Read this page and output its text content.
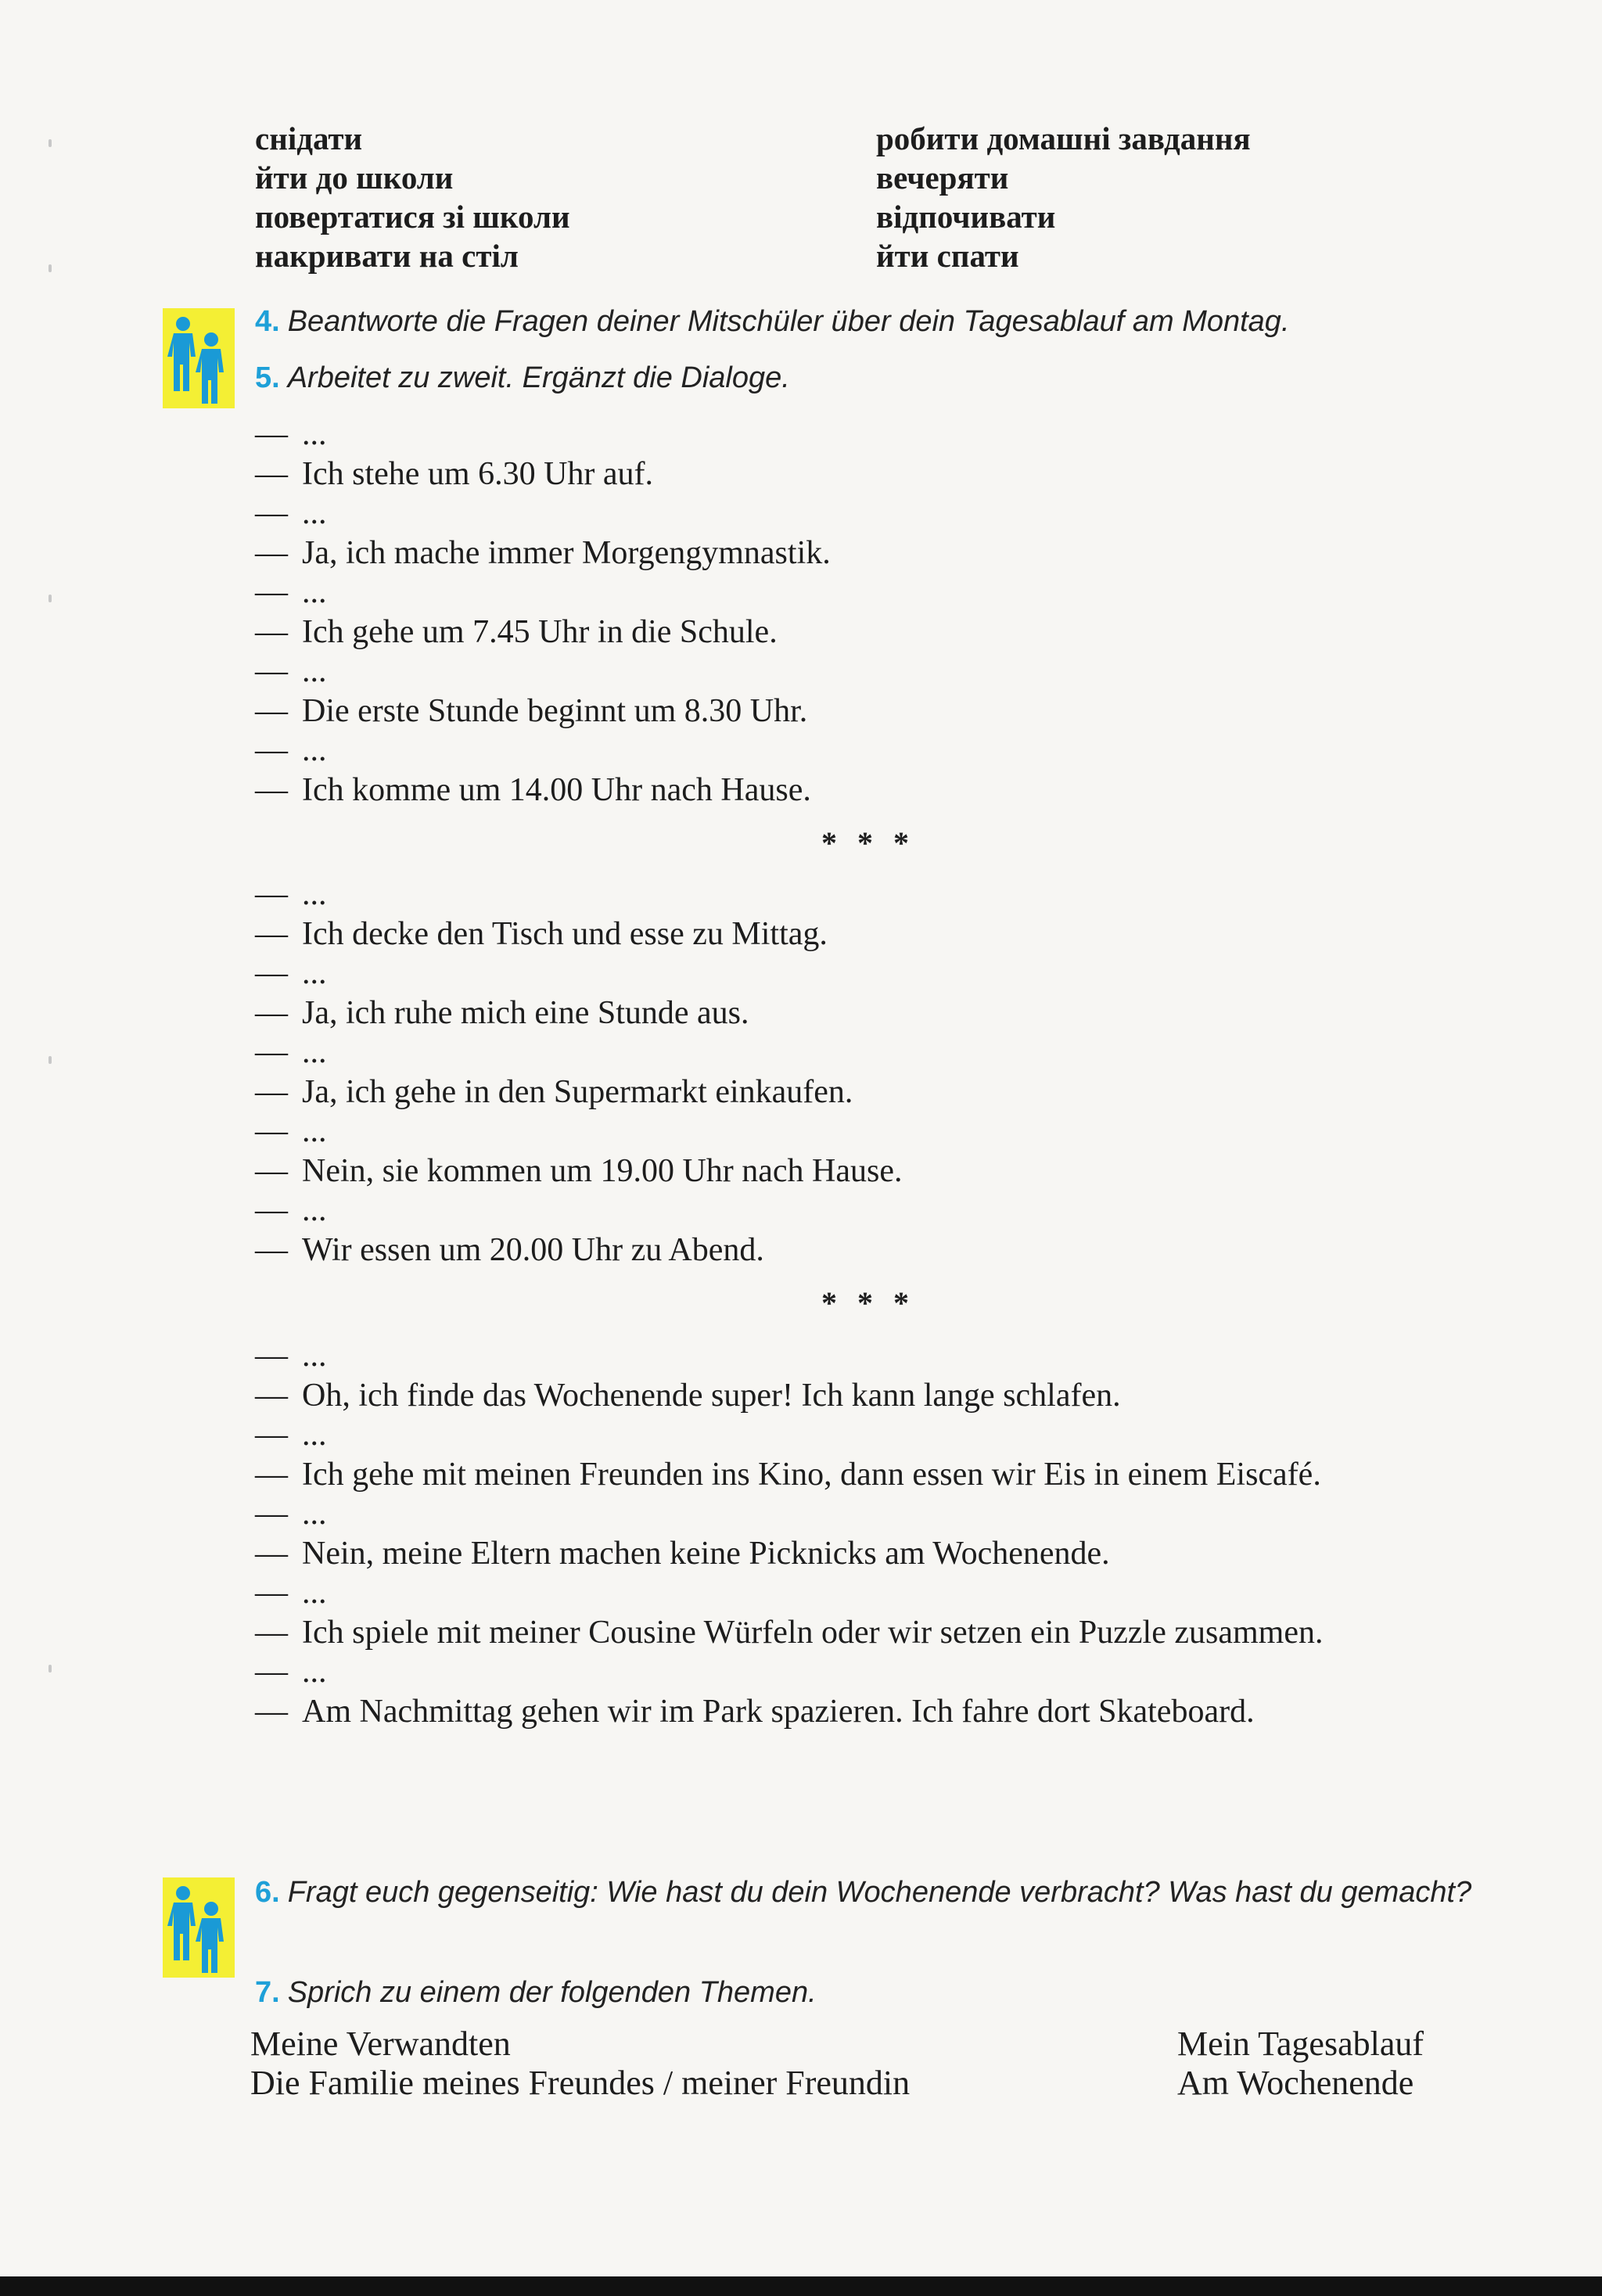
снідати
йти до школи
повертатися зі школи
накривати на стіл
робити домашні завдання
вечеряти
відпочивати
йти спати
4. Beantworte die Fragen deiner Mitschüler über dein Tagesablauf am Montag.
5. Arbeitet zu zweit. Ergänzt die Dialoge.
— ...
— Ich stehe um 6.30 Uhr auf.
— ...
— Ja, ich mache immer Morgengymnastik.
— ...
— Ich gehe um 7.45 Uhr in die Schule.
— ...
— Die erste Stunde beginnt um 8.30 Uhr.
— ...
— Ich komme um 14.00 Uhr nach Hause.
* * *
— ...
— Ich decke den Tisch und esse zu Mittag.
— ...
— Ja, ich ruhe mich eine Stunde aus.
— ...
— Ja, ich gehe in den Supermarkt einkaufen.
— ...
— Nein, sie kommen um 19.00 Uhr nach Hause.
— ...
— Wir essen um 20.00 Uhr zu Abend.
* * *
— ...
— Oh, ich finde das Wochenende super! Ich kann lange schlafen.
— ...
— Ich gehe mit meinen Freunden ins Kino, dann essen wir Eis in einem Eiscafé.
— ...
— Nein, meine Eltern machen keine Picknicks am Wochenende.
— ...
— Ich spiele mit meiner Cousine Würfeln oder wir setzen ein Puzzle zusammen.
— ...
— Am Nachmittag gehen wir im Park spazieren. Ich fahre dort Skateboard.
6. Fragt euch gegenseitig: Wie hast du dein Wochenende verbracht? Was hast du gemacht?
7. Sprich zu einem der folgenden Themen.
Meine Verwandten
Die Familie meines Freundes / meiner Freundin
Mein Tagesablauf
Am Wochenende
